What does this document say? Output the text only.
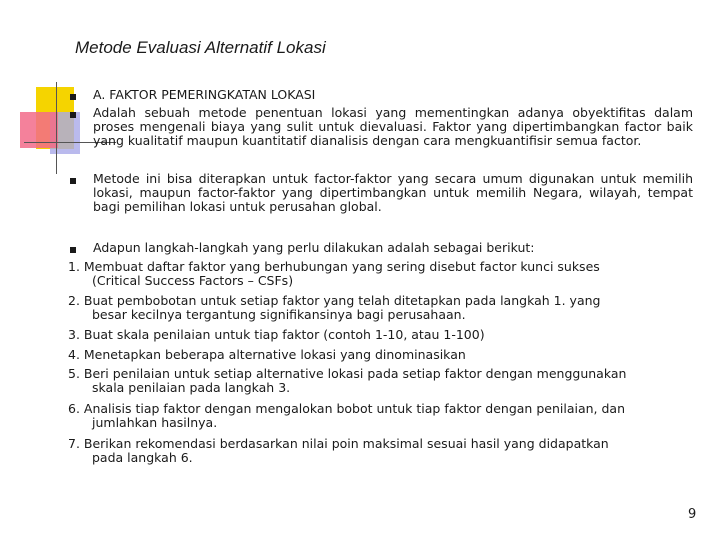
Metode Evaluasi Alternatif Lokasi

A. FAKTOR PEMERINGKATAN LOKASI

Adalah sebuah metode penentuan lokasi yang mementingkan adanya obyektifitas dalam proses mengenali biaya yang sulit untuk dievaluasi. Faktor yang dipertimbangkan factor baik yang kualitatif maupun kuantitatif dianalisis dengan cara mengkuantifisir semua factor.

Metode ini bisa diterapkan untuk factor-faktor yang secara umum digunakan untuk memilih lokasi, maupun factor-faktor yang dipertimbangkan untuk memilih Negara, wilayah, tempat bagi pemilihan lokasi untuk perusahan global.

Adapun langkah-langkah yang perlu dilakukan adalah sebagai berikut:

1. Membuat daftar faktor yang berhubungan yang sering disebut factor kunci sukses
(Critical Success Factors – CSFs)

2. Buat pembobotan untuk setiap faktor yang telah ditetapkan pada langkah 1. yang
besar kecilnya tergantung signifikansinya bagi perusahaan.

3. Buat skala penilaian untuk tiap faktor (contoh 1-10, atau 1-100)

4. Menetapkan beberapa alternative lokasi yang dinominasikan

5. Beri penilaian untuk setiap alternative lokasi pada setiap faktor dengan menggunakan
skala penilaian pada langkah 3.

6. Analisis tiap faktor dengan mengalokan bobot untuk tiap faktor dengan penilaian, dan
jumlahkan hasilnya.

7. Berikan rekomendasi berdasarkan nilai poin maksimal sesuai hasil yang didapatkan
pada langkah 6.

9
